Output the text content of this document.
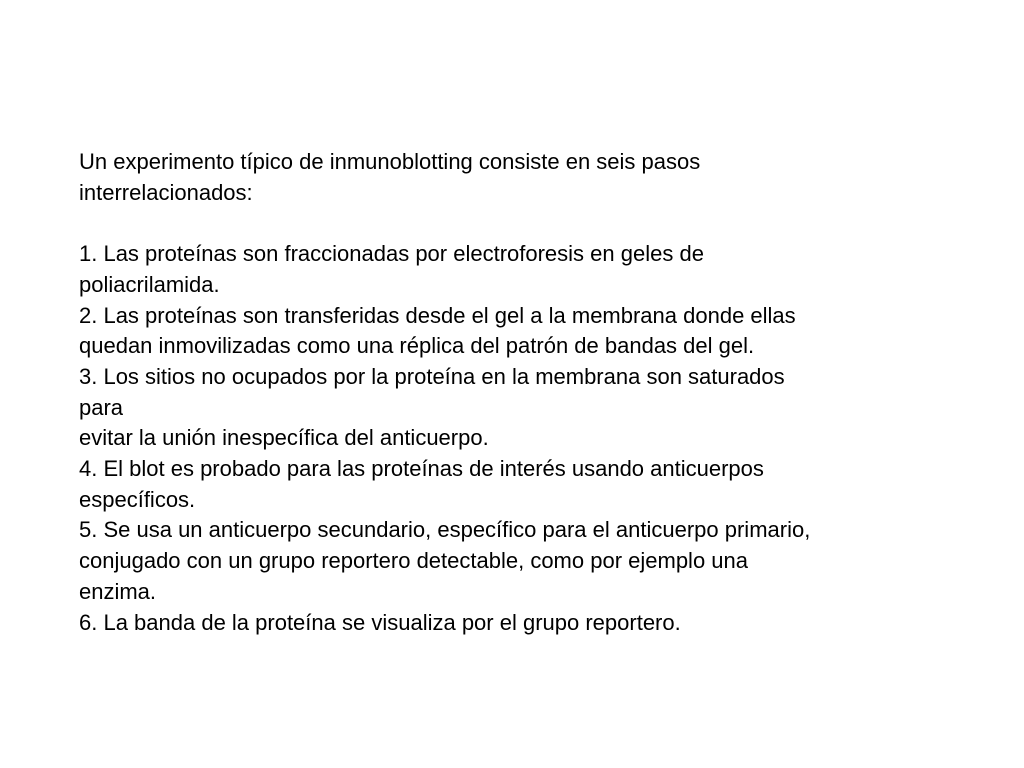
Un experimento típico de inmunoblotting consiste en seis pasos
interrelacionados:
1. Las proteínas son fraccionadas por electroforesis en geles de
poliacrilamida.
2. Las proteínas son transferidas desde el gel a la membrana donde ellas
quedan inmovilizadas como una réplica del patrón de bandas del gel.
3. Los sitios no ocupados por la proteína en la membrana son saturados
para
evitar la unión inespecífica del anticuerpo.
4. El blot es probado para las proteínas de interés usando anticuerpos
específicos.
5. Se usa un anticuerpo secundario, específico para el anticuerpo primario,
conjugado con un grupo reportero detectable, como por ejemplo una
enzima.
6. La banda de la proteína se visualiza por el grupo reportero.
